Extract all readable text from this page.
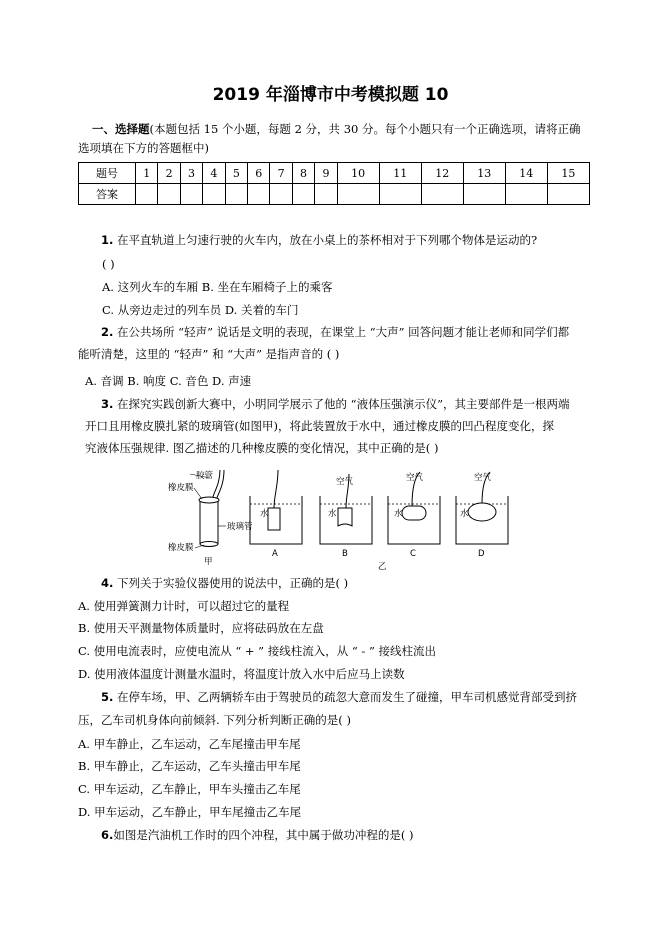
2019 年淄博市中考模拟题 10
一、选择题(本题包括 15 个小题，每题 2 分，共 30 分。每个小题只有一个正确选项，请将正确
选项填在下方的答题框中)
题号	1	2	3	4	5	6	7	8	9	10	11	12	13	14	15
答案															
1. 在平直轨道上匀速行驶的火车内，放在小桌上的茶杯相对于下列哪个物体是运动的?
( )
A. 这列火车的车厢 B. 坐在车厢椅子上的乘客
C. 从旁边走过的列车员 D. 关着的车门
2. 在公共场所 “轻声” 说话是文明的表现，在课堂上 “大声” 回答问题才能让老师和同学们都
能听清楚，这里的 “轻声” 和 “大声” 是指声音的 ( )
A. 音调 B. 响度 C. 音色 D. 声速
3. 在探究实践创新大赛中，小明同学展示了他的 “液体压强演示仪”，其主要部件是一根两端
开口且用橡皮膜扎紧的玻璃管(如图甲)，将此装置放于水中，通过橡皮膜的凹凸程度变化，探
究液体压强规律. 图乙描述的几种橡皮膜的变化情况，其中正确的是( )
胶管
橡皮膜
玻璃管
橡皮膜
甲
水
A
空气
水
B
空气
水
C
空气
水
D
乙
4. 下列关于实验仪器使用的说法中，正确的是( )
A. 使用弹簧测力计时，可以超过它的量程
B. 使用天平测量物体质量时，应将砝码放在左盘
C. 使用电流表时，应使电流从 “ + ” 接线柱流入，从 “ - ” 接线柱流出
D. 使用液体温度计测量水温时，将温度计放入水中后应马上读数
5. 在停车场，甲、乙两辆轿车由于驾驶员的疏忽大意而发生了碰撞，甲车司机感觉背部受到挤
压，乙车司机身体向前倾斜. 下列分析判断正确的是( )
A. 甲车静止，乙车运动，乙车尾撞击甲车尾
B. 甲车静止，乙车运动，乙车头撞击甲车尾
C. 甲车运动，乙车静止，甲车头撞击乙车尾
D. 甲车运动，乙车静止，甲车尾撞击乙车尾
6.如图是汽油机工作时的四个冲程，其中属于做功冲程的是( )
